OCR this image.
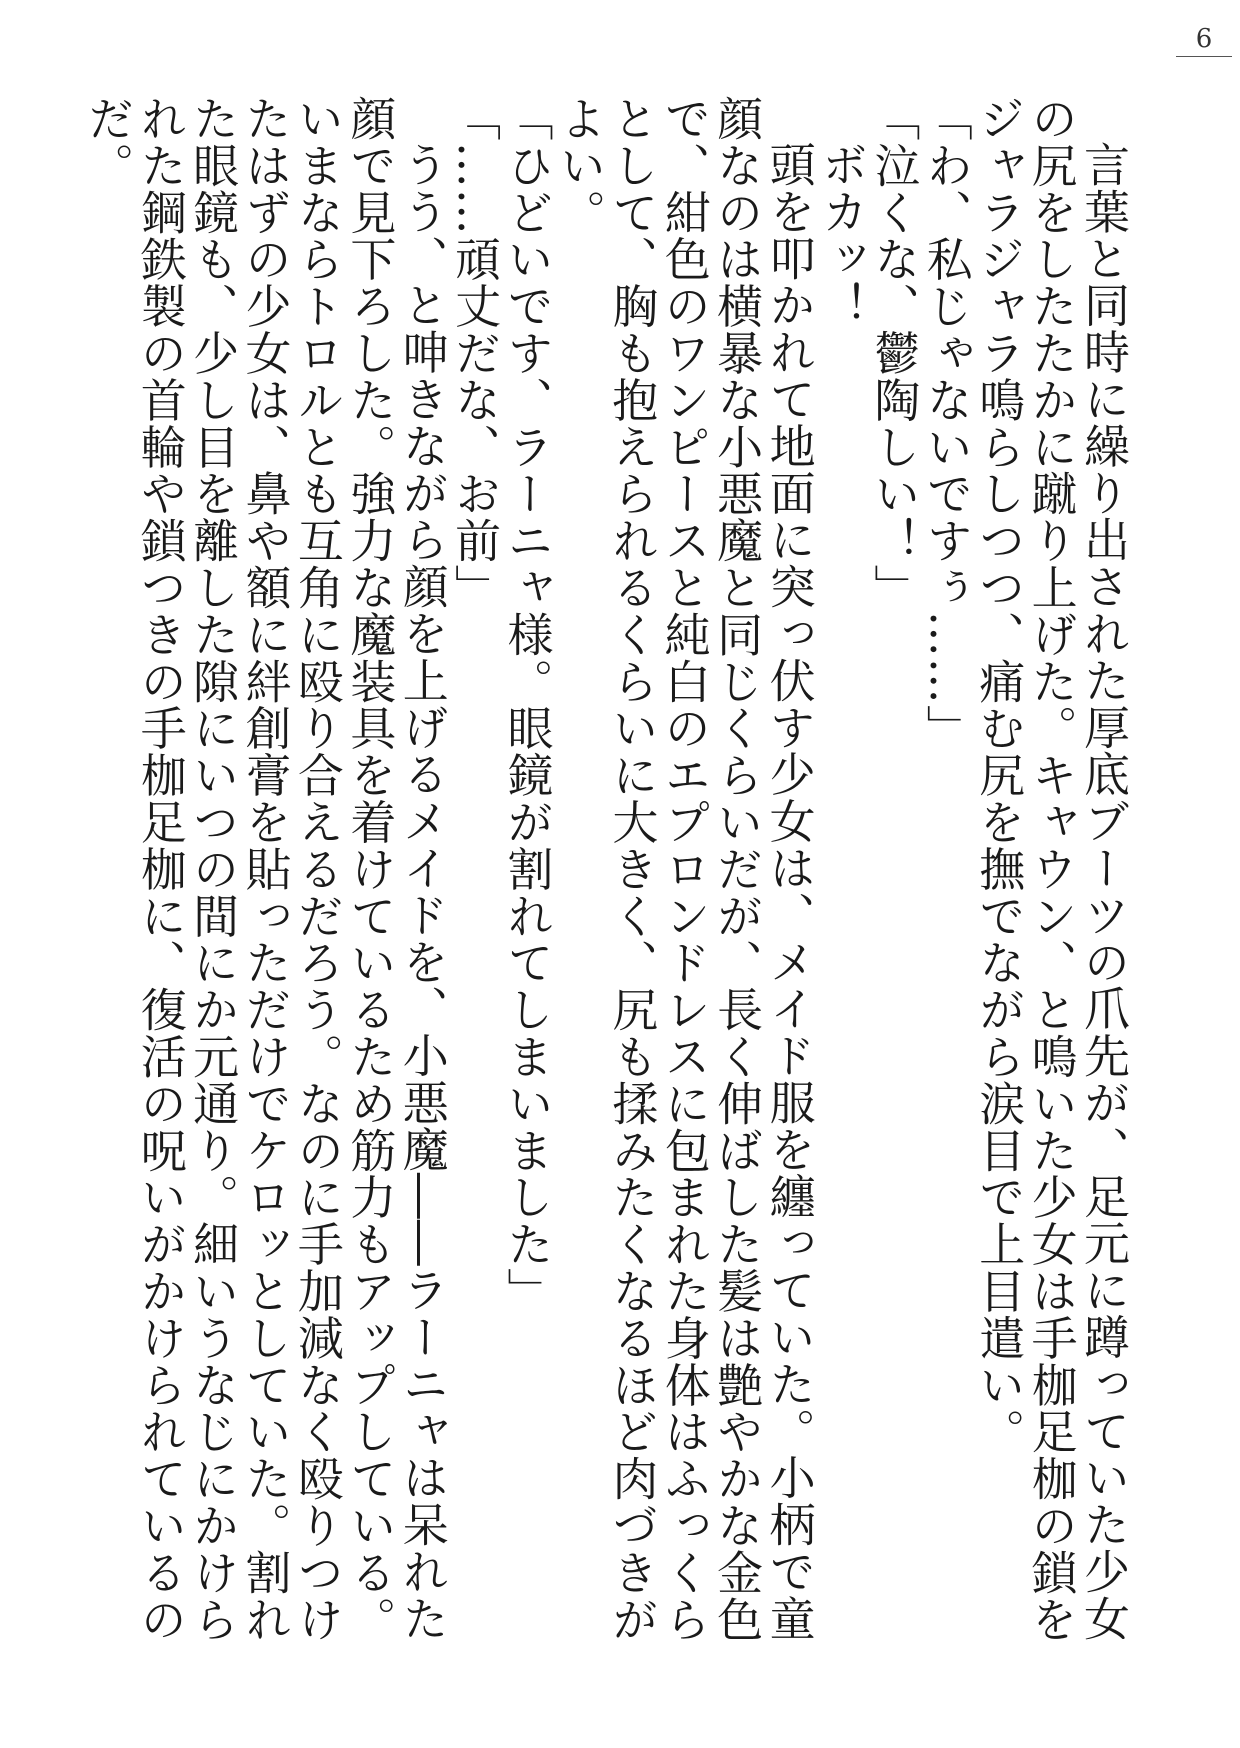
6

言葉と同時に繰り出された厚底ブーツの爪先が、足元に蹲っていた少女の尻をしたたかに蹴り上げた。キャウン、と鳴いた少女は手枷足枷の鎖をジャラジャラ鳴らしつつ、痛む尻を撫でながら涙目で上目遣い。

「わ、私じゃないですぅ……」

「泣くな、鬱陶しい！」

ボカッ！

頭を叩かれて地面に突っ伏す少女は、メイド服を纏っていた。小柄で童顔なのは横暴な小悪魔と同じくらいだが、長く伸ばした髪は艶やかな金色で、紺色のワンピースと純白のエプロンドレスに包まれた身体はふっくらとして、胸も抱えられるくらいに大きく、尻も揉みたくなるほど肉づきがよい。

「ひどいです、ラーニャ様。眼鏡が割れてしまいました」

「……頑丈だな、お前」

うう、と呻きながら顔を上げるメイドを、小悪魔――ラーニャは呆れた顔で見下ろした。強力な魔装具を着けているため筋力もアップしている。いまならトロルとも互角に殴り合えるだろう。なのに手加減なく殴りつけたはずの少女は、鼻や額に絆創膏を貼っただけでケロッとしていた。割れた眼鏡も、少し目を離した隙にいつの間にか元通り。細いうなじにかけられた鋼鉄製の首輪や鎖つきの手枷足枷に、復活の呪いがかけられているのだ。
